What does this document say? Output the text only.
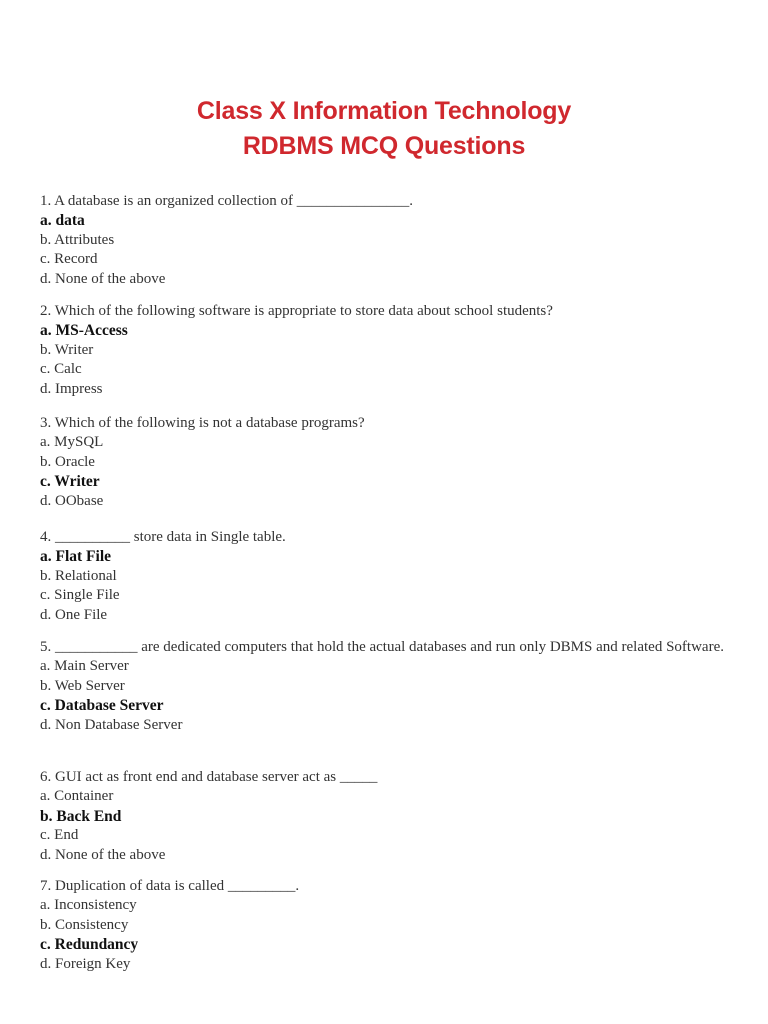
Class X Information Technology
RDBMS MCQ Questions
1. A database is an organized collection of _______________.
a. data
b. Attributes
c. Record
d. None of the above
2. Which of the following software is appropriate to store data about school students?
a. MS-Access
b. Writer
c. Calc
d. Impress
3. Which of the following is not a database programs?
a. MySQL
b. Oracle
c. Writer
d. OObase
4. __________ store data in Single table.
a. Flat File
b. Relational
c. Single File
d. One File
5. ___________ are dedicated computers that hold the actual databases and run only DBMS and related Software.
a. Main Server
b. Web Server
c. Database Server
d. Non Database Server
6. GUI act as front end and database server act as _____
a. Container
b. Back End
c. End
d. None of the above
7. Duplication of data is called _________.
a. Inconsistency
b. Consistency
c. Redundancy
d. Foreign Key
